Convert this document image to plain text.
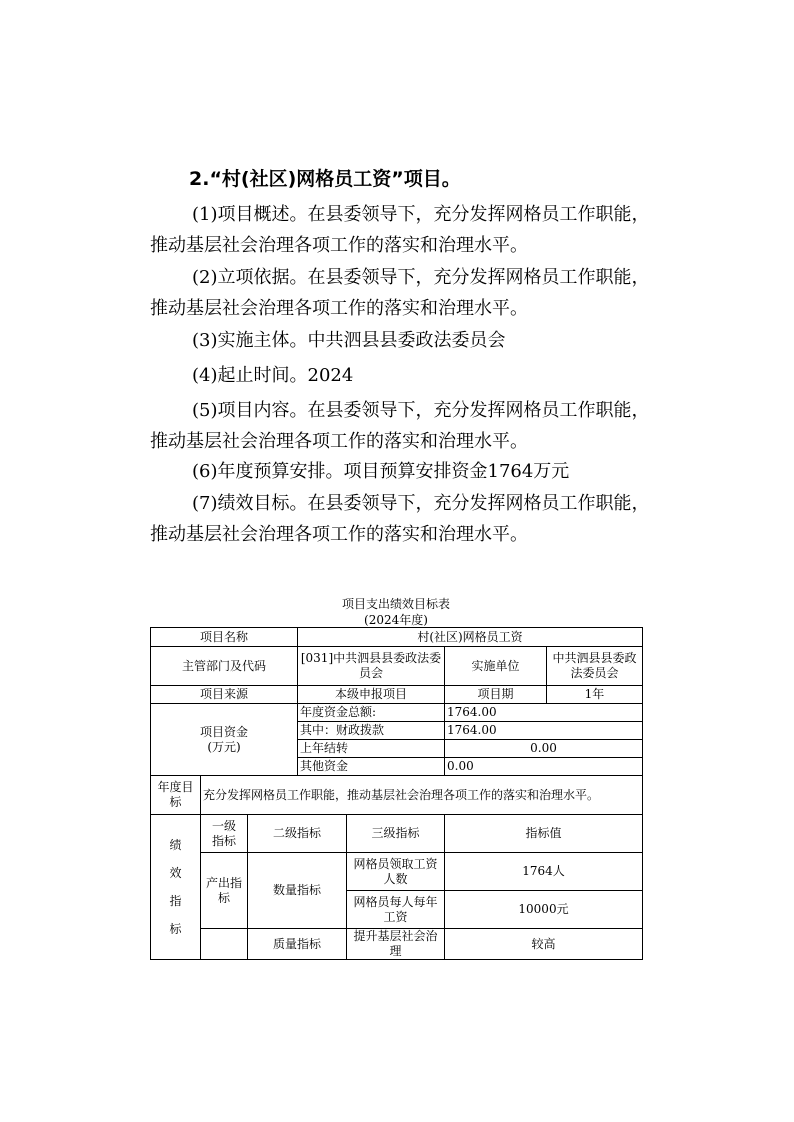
2.“村(社区)网格员工资”项目。
(1)项目概述。在县委领导下，充分发挥网格员工作职能，推动基层社会治理各项工作的落实和治理水平。
(2)立项依据。在县委领导下，充分发挥网格员工作职能，推动基层社会治理各项工作的落实和治理水平。
(3)实施主体。中共泗县县委政法委员会
(4)起止时间。2024
(5)项目内容。在县委领导下，充分发挥网格员工作职能，推动基层社会治理各项工作的落实和治理水平。
(6)年度预算安排。项目预算安排资金1764万元
(7)绩效目标。在县委领导下，充分发挥网格员工作职能，推动基层社会治理各项工作的落实和治理水平。
项目支出绩效目标表
(2024年度)
项目名称			村(社区)网格员工资			
主管部门及代码			[031]中共泗县县委政法委员会		实施单位	中共泗县县委政法委员会
项目来源			本级申报项目		项目期	1年

项目资金
(万元)			年度资金总额:		1764.00	
			其中：财政拨款		1764.00	
			上年结转		0.00	
			其他资金		0.00	
年度目标	充分发挥网格员工作职能，推动基层社会治理各项工作的落实和治理水平。					
绩效指标	一级指标	二级指标		三级指标	指标值	
	产出指标	数量指标		网格员领取工资人数	1764人	
				网格员每人每年工资	10000元	
		质量指标		提升基层社会治理	较高	
